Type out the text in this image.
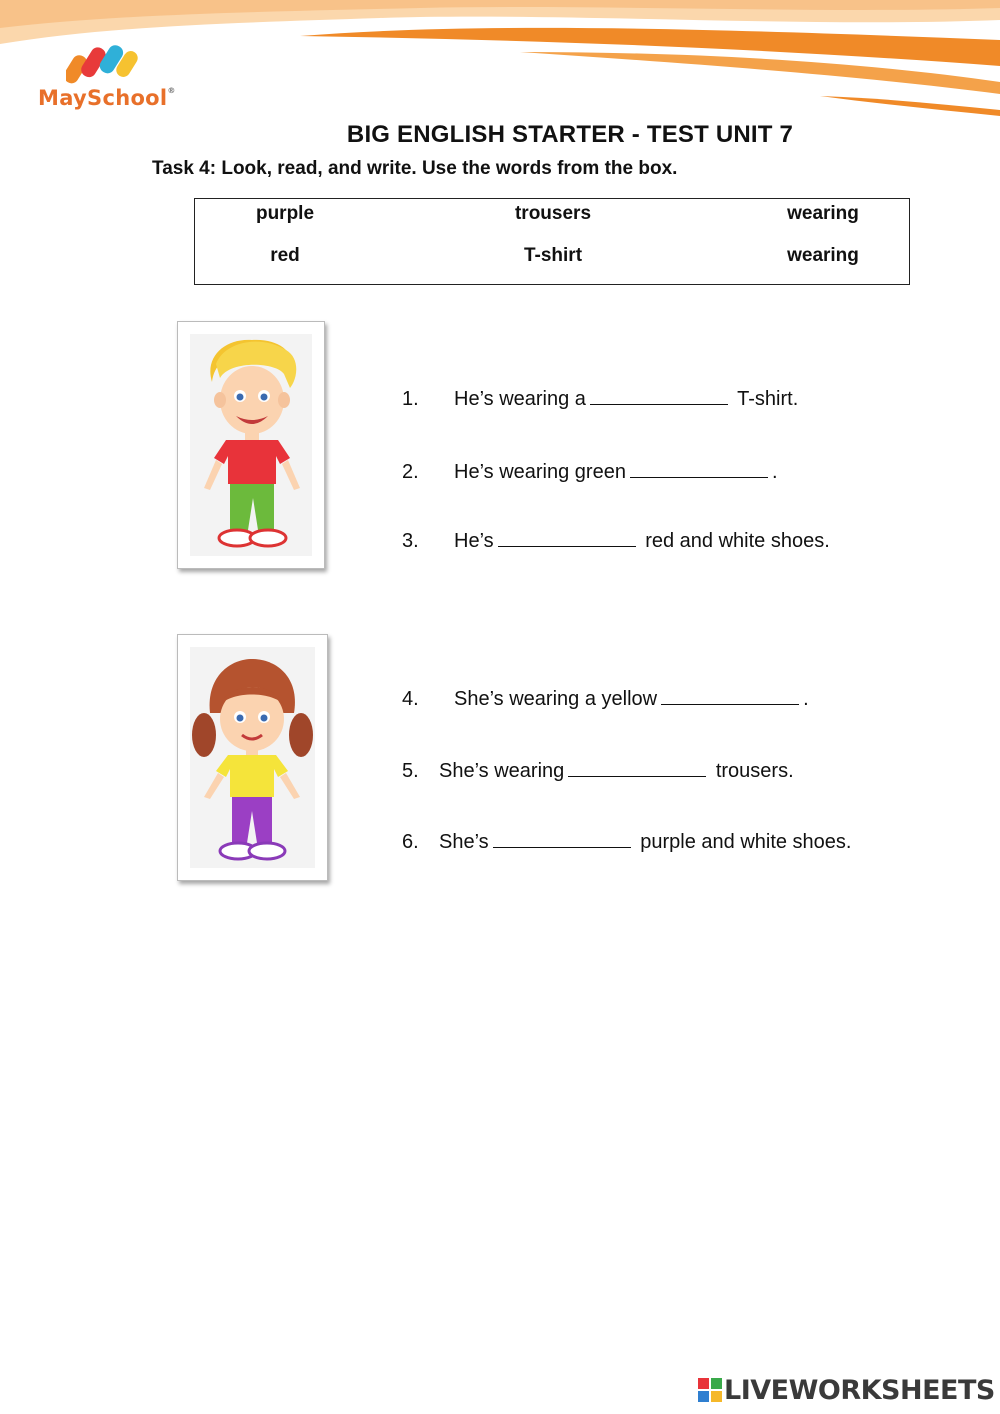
MaySchool®
BIG ENGLISH STARTER - TEST UNIT 7
Task 4: Look, read, and write. Use the words from the box.
purple	trousers	wearing
red	T-shirt	wearing
1. He’s wearing a	T-shirt.
2. He’s wearing green	.
3. He’s	red and white shoes.
4. She’s wearing a yellow	.
5. She’s wearing	trousers.
6. She’s	purple and white shoes.
LIVEWORKSHEETS
